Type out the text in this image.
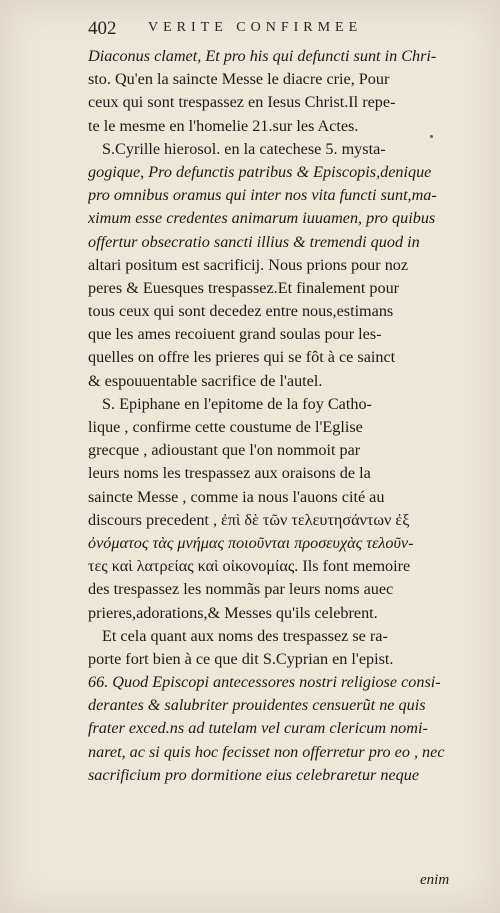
402 VERITE CONFIRMEE
Diaconus clamet, Et pro his qui defuncti sunt in Chri-
sto. Qu'en la saincte Messe le diacre crie, Pour
ceux qui sont trespassez en Iesus Christ.Il repe-
te le mesme en l'homelie 21.sur les Actes.
S.Cyrille hierosol. en la catechese 5. mysta-
gogique, Pro defunctis patribus & Episcopis,denique
pro omnibus oramus qui inter nos vita functi sunt,ma-
ximum esse credentes animarum iuuamen, pro quibus
offertur obsecratio sancti illius & tremendi quod in
altari positum est sacrificij. Nous prions pour noz
peres & Euesques trespassez.Et finalement pour
tous ceux qui sont decedez entre nous,estimans
que les ames recoiuent grand soulas pour les-
quelles on offre les prieres qui se fôt à ce sainct
& espouuentable sacrifice de l'autel.
S. Epiphane en l'epitome de la foy Catho-
lique , confirme cette coustume de l'Eglise
grecque , adioustant que l'on nommoit par
leurs noms les trespassez aux oraisons de la
saincte Messe , comme ia nous l'auons cité au
discours precedent , ἐπὶ δὲ τῶν τελευτησάντων ἐξ
ὀνόματος τὰς μνήμας ποιοῦνται προσευχὰς τελοῦν-
τες καὶ λατρείας καὶ οἰκονομίας. Ils font memoire
des trespassez les nommãs par leurs noms auec
prieres,adorations,& Messes qu'ils celebrent.
Et cela quant aux noms des trespassez se ra-
porte fort bien à ce que dit S.Cyprian en l'epist.
66. Quod Episcopi antecessores nostri religiose consi-
derantes & salubriter prouidentes censuerũt ne quis
frater exced.ns ad tutelam vel curam clericum nomi-
naret, ac si quis hoc fecisset non offerretur pro eo , nec
sacrificium pro dormitione eius celebraretur neque
enim
